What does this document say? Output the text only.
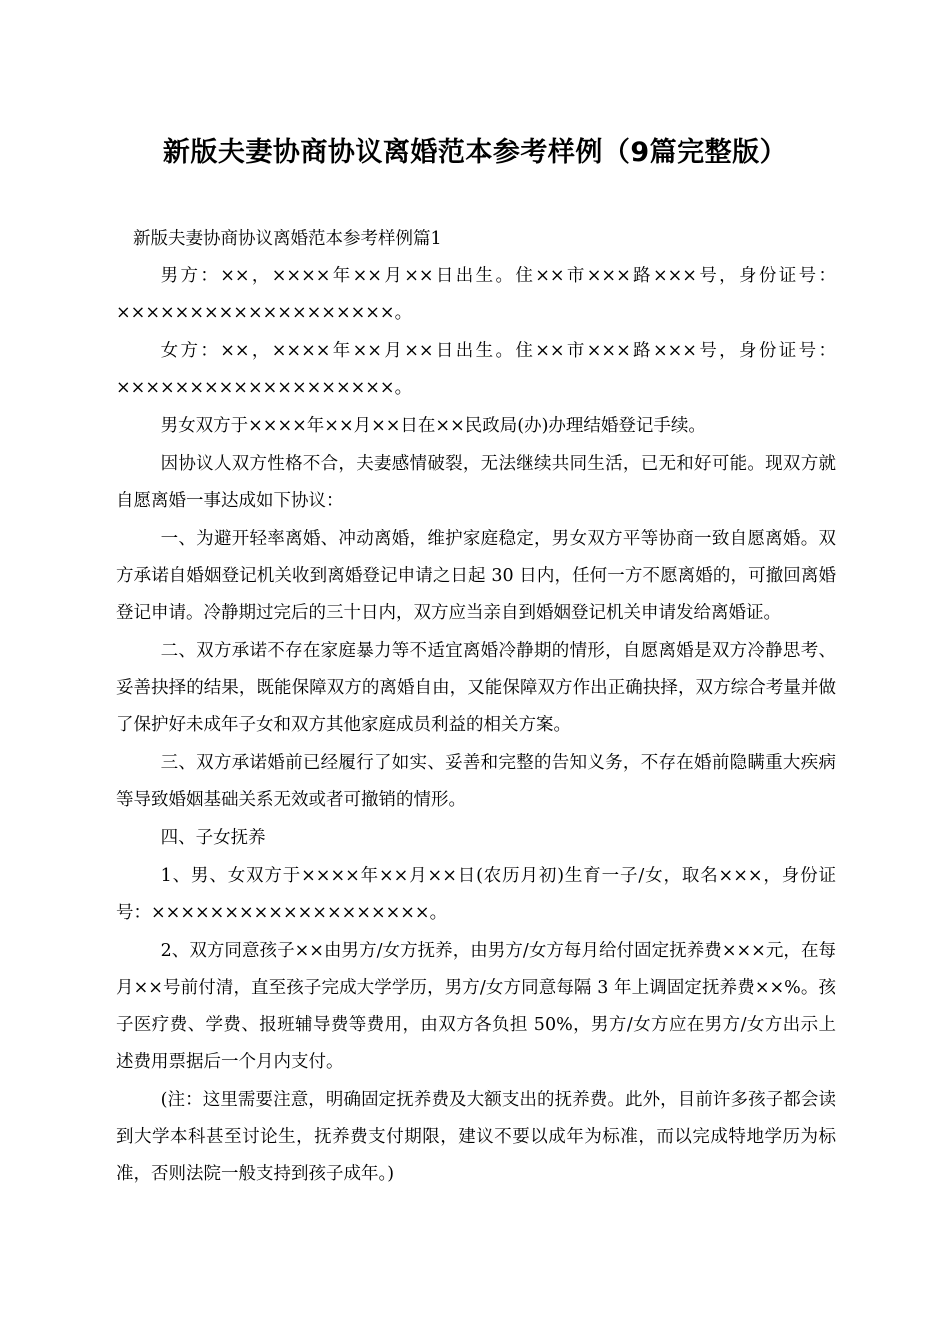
新版夫妻协商协议离婚范本参考样例（9篇完整版）

新版夫妻协商协议离婚范本参考样例篇1

男方：××，××××年××月××日出生。住××市×××路×××号，身份证号：×××××××××××××××××××。

女方：××，××××年××月××日出生。住××市×××路×××号，身份证号：×××××××××××××××××××。

男女双方于××××年××月××日在××民政局(办)办理结婚登记手续。

因协议人双方性格不合，夫妻感情破裂，无法继续共同生活，已无和好可能。现双方就自愿离婚一事达成如下协议：

一、为避开轻率离婚、冲动离婚，维护家庭稳定，男女双方平等协商一致自愿离婚。双方承诺自婚姻登记机关收到离婚登记申请之日起 30 日内，任何一方不愿离婚的，可撤回离婚登记申请。冷静期过完后的三十日内，双方应当亲自到婚姻登记机关申请发给离婚证。

二、双方承诺不存在家庭暴力等不适宜离婚冷静期的情形，自愿离婚是双方冷静思考、妥善抉择的结果，既能保障双方的离婚自由，又能保障双方作出正确抉择，双方综合考量并做了保护好未成年子女和双方其他家庭成员利益的相关方案。

三、双方承诺婚前已经履行了如实、妥善和完整的告知义务，不存在婚前隐瞒重大疾病等导致婚姻基础关系无效或者可撤销的情形。

四、子女抚养

1、男、女双方于××××年××月××日(农历月初)生育一子/女，取名×××，身份证号：×××××××××××××××××××。

2、双方同意孩子××由男方/女方抚养，由男方/女方每月给付固定抚养费×××元，在每月××号前付清，直至孩子完成大学学历，男方/女方同意每隔 3 年上调固定抚养费××%。孩子医疗费、学费、报班辅导费等费用，由双方各负担 50%，男方/女方应在男方/女方出示上述费用票据后一个月内支付。

(注：这里需要注意，明确固定抚养费及大额支出的抚养费。此外，目前许多孩子都会读到大学本科甚至讨论生，抚养费支付期限，建议不要以成年为标准，而以完成特地学历为标准，否则法院一般支持到孩子成年。)
